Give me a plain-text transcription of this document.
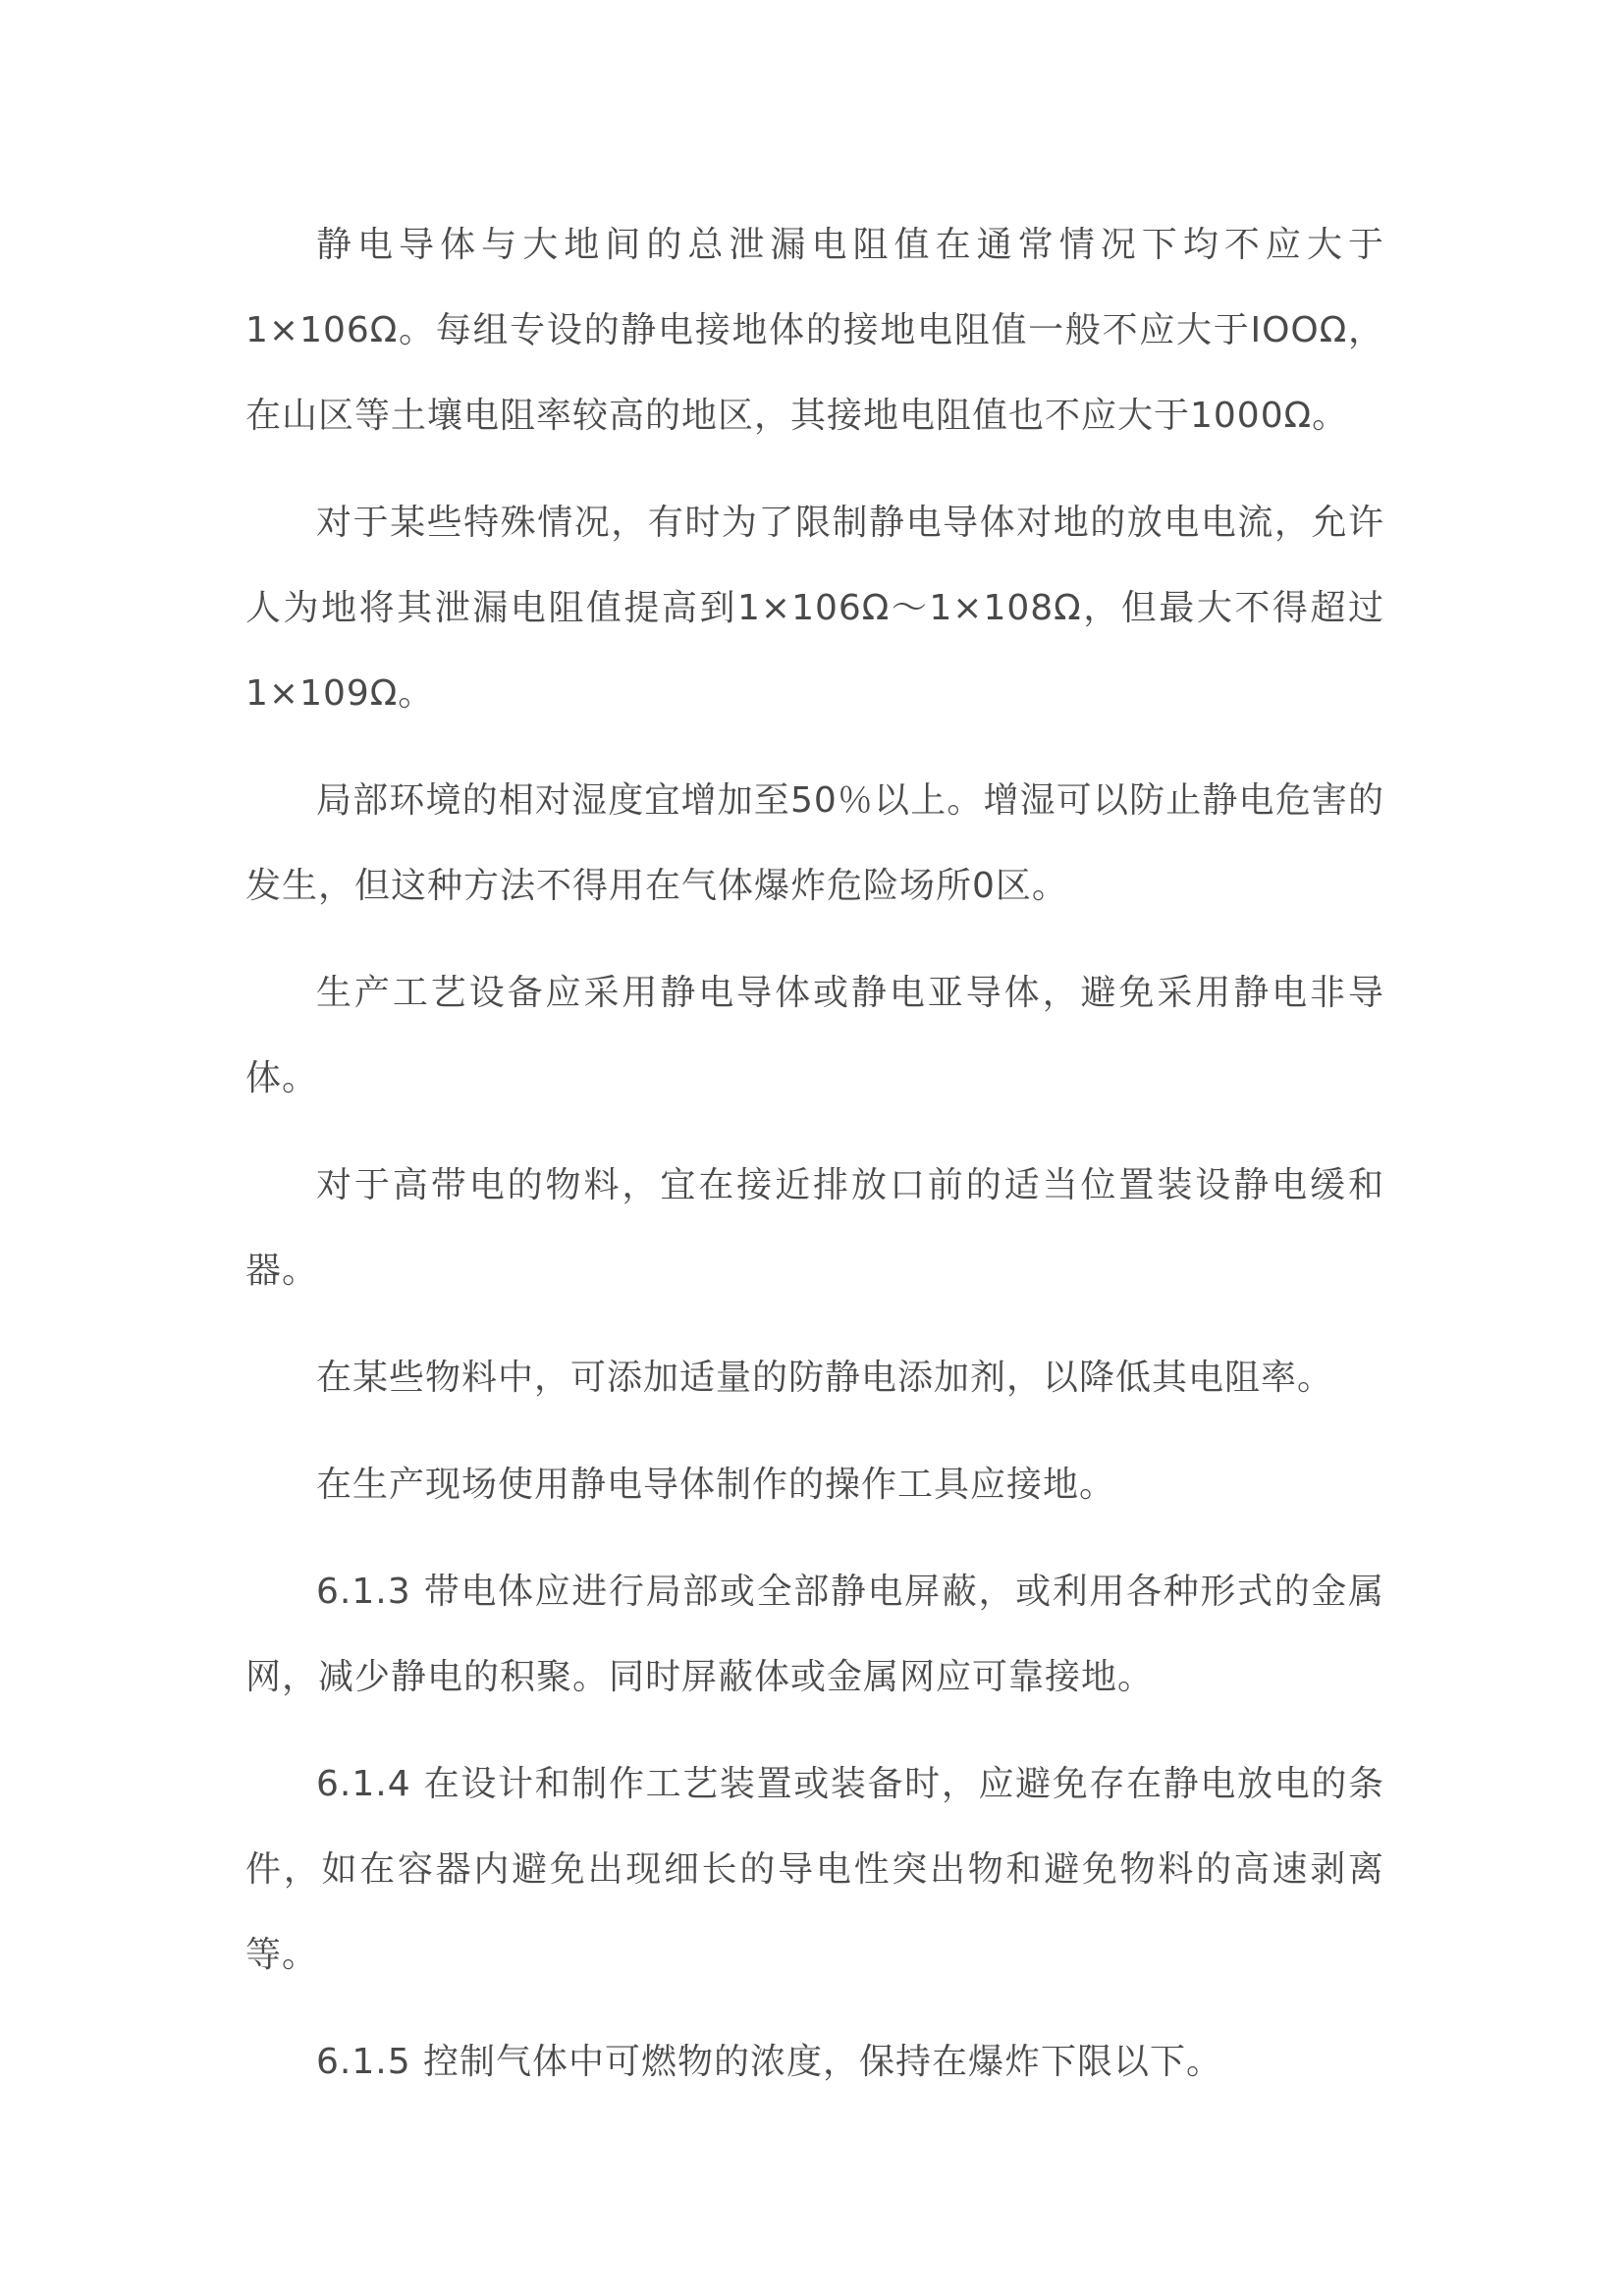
静电导体与大地间的总泄漏电阻值在通常情况下均不应大于1×106Ω。每组专设的静电接地体的接地电阻值一般不应大于IOOΩ，在山区等土壤电阻率较高的地区，其接地电阻值也不应大于1000Ω。

对于某些特殊情况，有时为了限制静电导体对地的放电电流，允许人为地将其泄漏电阻值提高到1×106Ω～1×108Ω，但最大不得超过1×109Ω。

局部环境的相对湿度宜增加至50％以上。增湿可以防止静电危害的发生，但这种方法不得用在气体爆炸危险场所0区。

生产工艺设备应采用静电导体或静电亚导体，避免采用静电非导体。

对于高带电的物料，宜在接近排放口前的适当位置装设静电缓和器。

在某些物料中，可添加适量的防静电添加剂，以降低其电阻率。

在生产现场使用静电导体制作的操作工具应接地。

6.1.3 带电体应进行局部或全部静电屏蔽，或利用各种形式的金属网，减少静电的积聚。同时屏蔽体或金属网应可靠接地。

6.1.4 在设计和制作工艺装置或装备时，应避免存在静电放电的条件，如在容器内避免出现细长的导电性突出物和避免物料的高速剥离等。

6.1.5 控制气体中可燃物的浓度，保持在爆炸下限以下。
